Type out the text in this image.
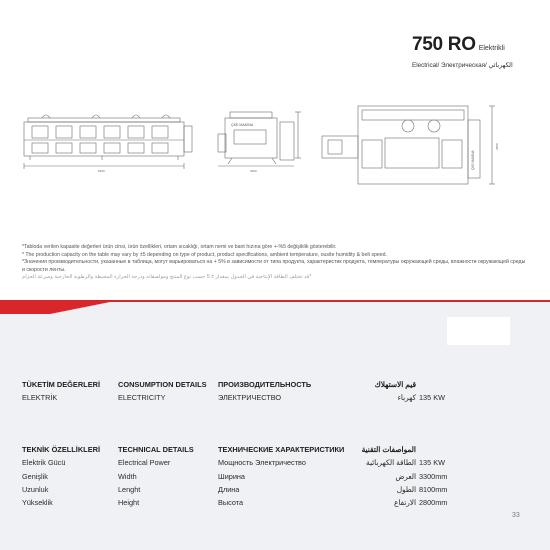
750 RO Elektrikli
Electrical/ Электрическая/ الكهربائي
ÇKE MAKİNA
ÇKE MAKİNA
8100	3300
2800
*Tabloda verilen kapasite değerleri ürün cinsi, ürün özellikleri, ortam sıcaklığı, ortam nemi ve bant hızına göre +-%5 değişiklik gösterebilir.
* The production capacity on the table may vary by ±5 depending on type of product, product specifications, ambient temperature, ousite humidity & belt speed.
*Значения производительности, указанные в таблица, могут варьироваться на + 5% в зависимости от типа продукта, характеристик продукта, температуры окружающей среды, влажности окружающей среды и скорости ленты.
*قد تختلف الطاقة الإنتاجية في الجدول بمقدار ± 5 حسب نوع المنتج ومواصفاته ودرجة الحرارة المحيطة والرطوبة الخارجية وسرعة الحزام
TÜKETİM DEĞERLERİ
ELEKTRİK
CONSUMPTION DETAILS
ELECTRICITY
ПРОИЗВОДИТЕЛЬНОСТЬ
ЭЛЕКТРИЧЕСТВО
قيم الاستهلاك
كهرباء
135 KW
TEKNİK ÖZELLİKLERİ
Elektrik Gücü
Genişlik
Uzunluk
Yükseklik
TECHNICAL DETAILS
Electrical Power
Width
Lenght
Height
ТЕХНИЧЕСКИЕ ХАРАКТЕРИСТИКИ
Мощность Электричество
Ширина
Длина
Высота
المواصفات التقنية
الطاقة الكهربائية
العرض
الطول
الارتفاع

135 KW
3300mm
8100mm
2800mm
33
